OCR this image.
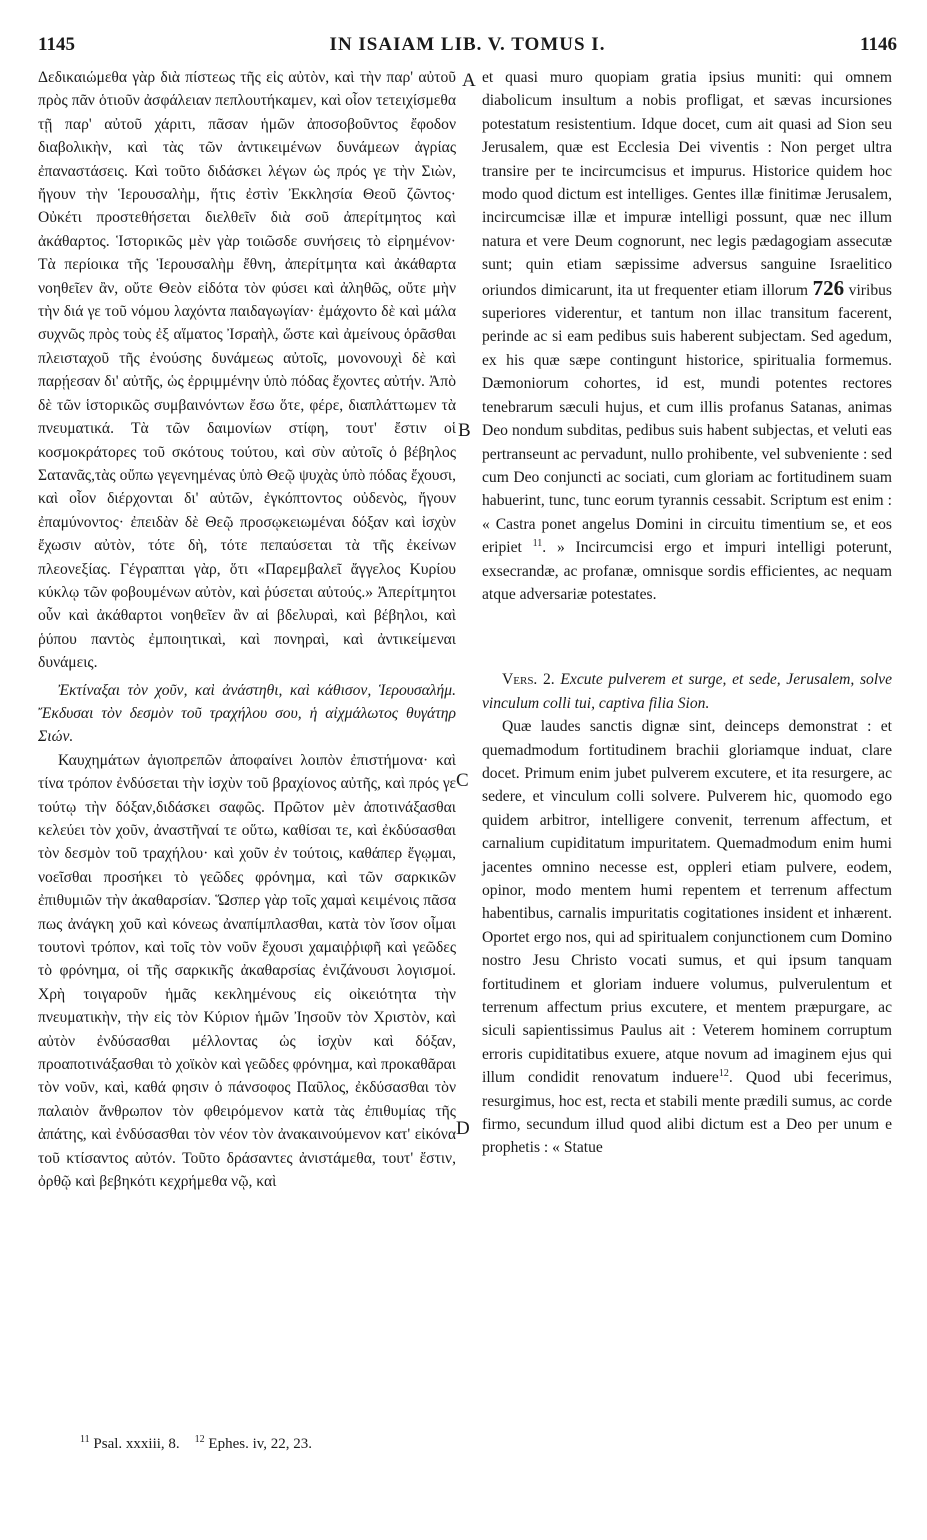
1145	IN ISAIAM LIB. V. TOMUS I.	1146

Δεδικαιώμεθα γὰρ διὰ πίστεως τῆς εἰς αὐτὸν, καὶ τὴν παρ' αὐτοῦ πρὸς πᾶν ὁτιοῦν ἀσφάλειαν πεπλουτήκαμεν, καὶ οἷον τετειχίσμεθα τῇ παρ' αὐτοῦ χάριτι, πᾶσαν ἡμῶν ἀποσοβοῦντος ἔφοδον διαβολικὴν, καὶ τὰς τῶν ἀντικειμένων δυνάμεων ἀγρίας ἐπαναστάσεις. Καὶ τοῦτο διδάσκει λέγων ὡς πρός γε τὴν Σιὼν, ἤγουν τὴν Ἱερουσαλὴμ, ἥτις ἐστὶν Ἐκκλησία Θεοῦ ζῶντος· Οὐκέτι προστεθήσεται διελθεῖν διὰ σοῦ ἀπερίτμητος καὶ ἀκάθαρτος. Ἱστορικῶς μὲν γὰρ τοιῶσδε συνήσεις τὸ εἰρημένον· Τὰ περίοικα τῆς Ἱερουσαλὴμ ἔθνη, ἀπερίτμητα καὶ ἀκάθαρτα νοηθεῖεν ἂν, οὔτε Θεὸν εἰδότα τὸν φύσει καὶ ἀληθῶς, οὔτε μὴν τὴν διά γε τοῦ νόμου λαχόντα παιδαγωγίαν· ἐμάχοντο δὲ καὶ μάλα συχνῶς πρὸς τοὺς ἐξ αἵματος Ἰσραὴλ, ὥστε καὶ ἀμείνους ὁρᾶσθαι πλεισταχοῦ τῆς ἐνούσης δυνάμεως αὐτοῖς, μονονουχὶ δὲ καὶ παρῄεσαν δι' αὐτῆς, ὡς ἐρριμμένην ὑπὸ πόδας ἔχοντες αὐτήν. Ἀπὸ δὲ τῶν ἱστορικῶς συμβαινόντων ἔσω ὅτε, φέρε, διαπλάττωμεν τὰ πνευματικά. Τὰ τῶν δαιμονίων στίφη, τουτ' ἔστιν οἱ κοσμοκράτορες τοῦ σκότους τούτου, καὶ σὺν αὐτοῖς ὁ βέβηλος Σατανᾶς,τὰς οὔπω γεγενημένας ὑπὸ Θεῷ ψυχὰς ὑπὸ πόδας ἔχουσι, καὶ οἷον διέρχονται δι' αὐτῶν, ἐγκόπτοντος οὐδενὸς, ἤγουν ἐπαμύνοντος· ἐπειδὰν δὲ Θεῷ προσῳκειωμέναι δόξαν καὶ ἰσχὺν ἔχωσιν αὐτὸν, τότε δὴ, τότε πεπαύσεται τὰ τῆς ἐκείνων πλεονεξίας. Γέγραπται γὰρ, ὅτι «Παρεμβαλεῖ ἄγγελος Κυρίου κύκλῳ τῶν φοβουμένων αὐτὸν, καὶ ῥύσεται αὐτούς.» Ἀπερίτμητοι οὖν καὶ ἀκάθαρτοι νοηθεῖεν ἂν αἱ βδελυραὶ, καὶ βέβηλοι, καὶ ῥύπου παντὸς ἐμποιητικαὶ, καὶ πονηραὶ, καὶ ἀντικείμεναι δυνάμεις.

Ἐκτίναξαι τὸν χοῦν, καὶ ἀνάστηθι, καὶ κάθισον, Ἱερουσαλήμ. Ἔκδυσαι τὸν δεσμὸν τοῦ τραχήλου σου, ἡ αἰχμάλωτος θυγάτηρ Σιών.

Καυχημάτων ἁγιοπρεπῶν ἀποφαίνει λοιπὸν ἐπιστήμονα· καὶ τίνα τρόπον ἐνδύσεται τὴν ἰσχὺν τοῦ βραχίονος αὐτῆς, καὶ πρός γε τούτῳ τὴν δόξαν,διδάσκει σαφῶς. Πρῶτον μὲν ἀποτινάξασθαι κελεύει τὸν χοῦν, ἀναστῆναί τε οὕτω, καθίσαι τε, καὶ ἐκδύσασθαι τὸν δεσμὸν τοῦ τραχήλου· καὶ χοῦν ἐν τούτοις, καθάπερ ἔγῳμαι, νοεῖσθαι προσήκει τὸ γεῶδες φρόνημα, καὶ τῶν σαρκικῶν ἐπιθυμιῶν τὴν ἀκαθαρσίαν. Ὥσπερ γὰρ τοῖς χαμαὶ κειμένοις πᾶσα πως ἀνάγκη χοῦ καὶ κόνεως ἀναπίμπλασθαι, κατὰ τὸν ἴσον οἶμαι τουτονὶ τρόπον, καὶ τοῖς τὸν νοῦν ἔχουσι χαμαιῤῥιφῆ καὶ γεῶδες τὸ φρόνημα, οἱ τῆς σαρκικῆς ἀκαθαρσίας ἐνιζάνουσι λογισμοί. Χρὴ τοιγαροῦν ἡμᾶς κεκλημένους εἰς οἰκειότητα τὴν πνευματικὴν, τὴν εἰς τὸν Κύριον ἡμῶν Ἰησοῦν τὸν Χριστὸν, καὶ αὐτὸν ἐνδύσασθαι μέλλοντας ὡς ἰσχὺν καὶ δόξαν, προαποτινάξασθαι τὸ χοϊκὸν καὶ γεῶδες φρόνημα, καὶ προκαθᾶραι τὸν νοῦν, καὶ, καθά φησιν ὁ πάνσοφος Παῦλος, ἐκδύσασθαι τὸν παλαιὸν ἄνθρωπον τὸν φθειρόμενον κατὰ τὰς ἐπιθυμίας τῆς ἀπάτης, καὶ ἐνδύσασθαι τὸν νέον τὸν ἀνακαινούμενον κατ' εἰκόνα τοῦ κτίσαντος αὐτόν. Τοῦτο δράσαντες ἀνιστάμεθα, τουτ' ἔστιν, ὀρθῷ καὶ βεβηκότι κεχρήμεθα νῷ, καὶ

et quasi muro quopiam gratia ipsius muniti: qui omnem diabolicum insultum a nobis profligat, et sævas incursiones potestatum resistentium. Idque docet, cum ait quasi ad Sion seu Jerusalem, quæ est Ecclesia Dei viventis : Non perget ultra transire per te incircumcisus et impurus. Historice quidem hoc modo quod dictum est intelliges. Gentes illæ finitimæ Jerusalem, incircumcisæ illæ et impuræ intelligi possunt, quæ nec illum natura et vere Deum cognorunt, nec legis pædagogiam assecutæ sunt; quin etiam sæpissime adversus sanguine Israelitico oriundos dimicarunt, ita ut frequenter etiam illorum 726 viribus superiores viderentur, et tantum non illac transitum facerent, perinde ac si eam pedibus suis haberent subjectam. Sed agedum, ex his quæ sæpe contingunt historice, spiritualia formemus. Dæmoniorum cohortes, id est, mundi potentes rectores tenebrarum sæculi hujus, et cum illis profanus Satanas, animas Deo nondum subditas, pedibus suis habent subjectas, et veluti eas pertranseunt ac pervadunt, nullo prohibente, vel subveniente : sed cum Deo conjuncti ac sociati, cum gloriam ac fortitudinem suam habuerint, tunc, tunc eorum tyrannis cessabit. Scriptum est enim : « Castra ponet angelus Domini in circuitu timentium se, et eos eripiet $^{11}$. » Incircumcisi ergo et impuri intelligi poterunt, exsecrandæ, ac profanæ, omnisque sordis efficientes, ac nequam atque adversariæ potestates.

Vers. 2. Excute pulverem et surge, et sede, Jerusalem, solve vinculum colli tui, captiva filia Sion.

Quæ laudes sanctis dignæ sint, deinceps demonstrat : et quemadmodum fortitudinem brachii gloriamque induat, clare docet. Primum enim jubet pulverem excutere, et ita resurgere, ac sedere, et vinculum colli solvere. Pulverem hic, quomodo ego quidem arbitror, intelligere convenit, terrenum affectum, et carnalium cupiditatum impuritatem. Quemadmodum enim humi jacentes omnino necesse est, oppleri etiam pulvere, eodem, opinor, modo mentem humi repentem et terrenum affectum habentibus, carnalis impuritatis cogitationes insident et inhærent. Oportet ergo nos, qui ad spiritualem conjunctionem cum Domino nostro Jesu Christo vocati sumus, et qui ipsum tanquam fortitudinem et gloriam induere volumus, pulverulentum et terrenum affectum prius excutere, et mentem præpurgare, ac siculi sapientissimus Paulus ait : Veterem hominem corruptum erroris cupiditatibus exuere, atque novum ad imaginem ejus qui illum condidit renovatum induere$^{12}$. Quod ubi fecerimus, resurgimus, hoc est, recta et stabili mente prædili sumus, ac corde firmo, secundum illud quod alibi dictum est a Deo per unum e prophetis : « Statue

A
B
C
D
$^{11}$ Psal. xxxiii, 8. $^{12}$ Ephes. iv, 22, 23.
